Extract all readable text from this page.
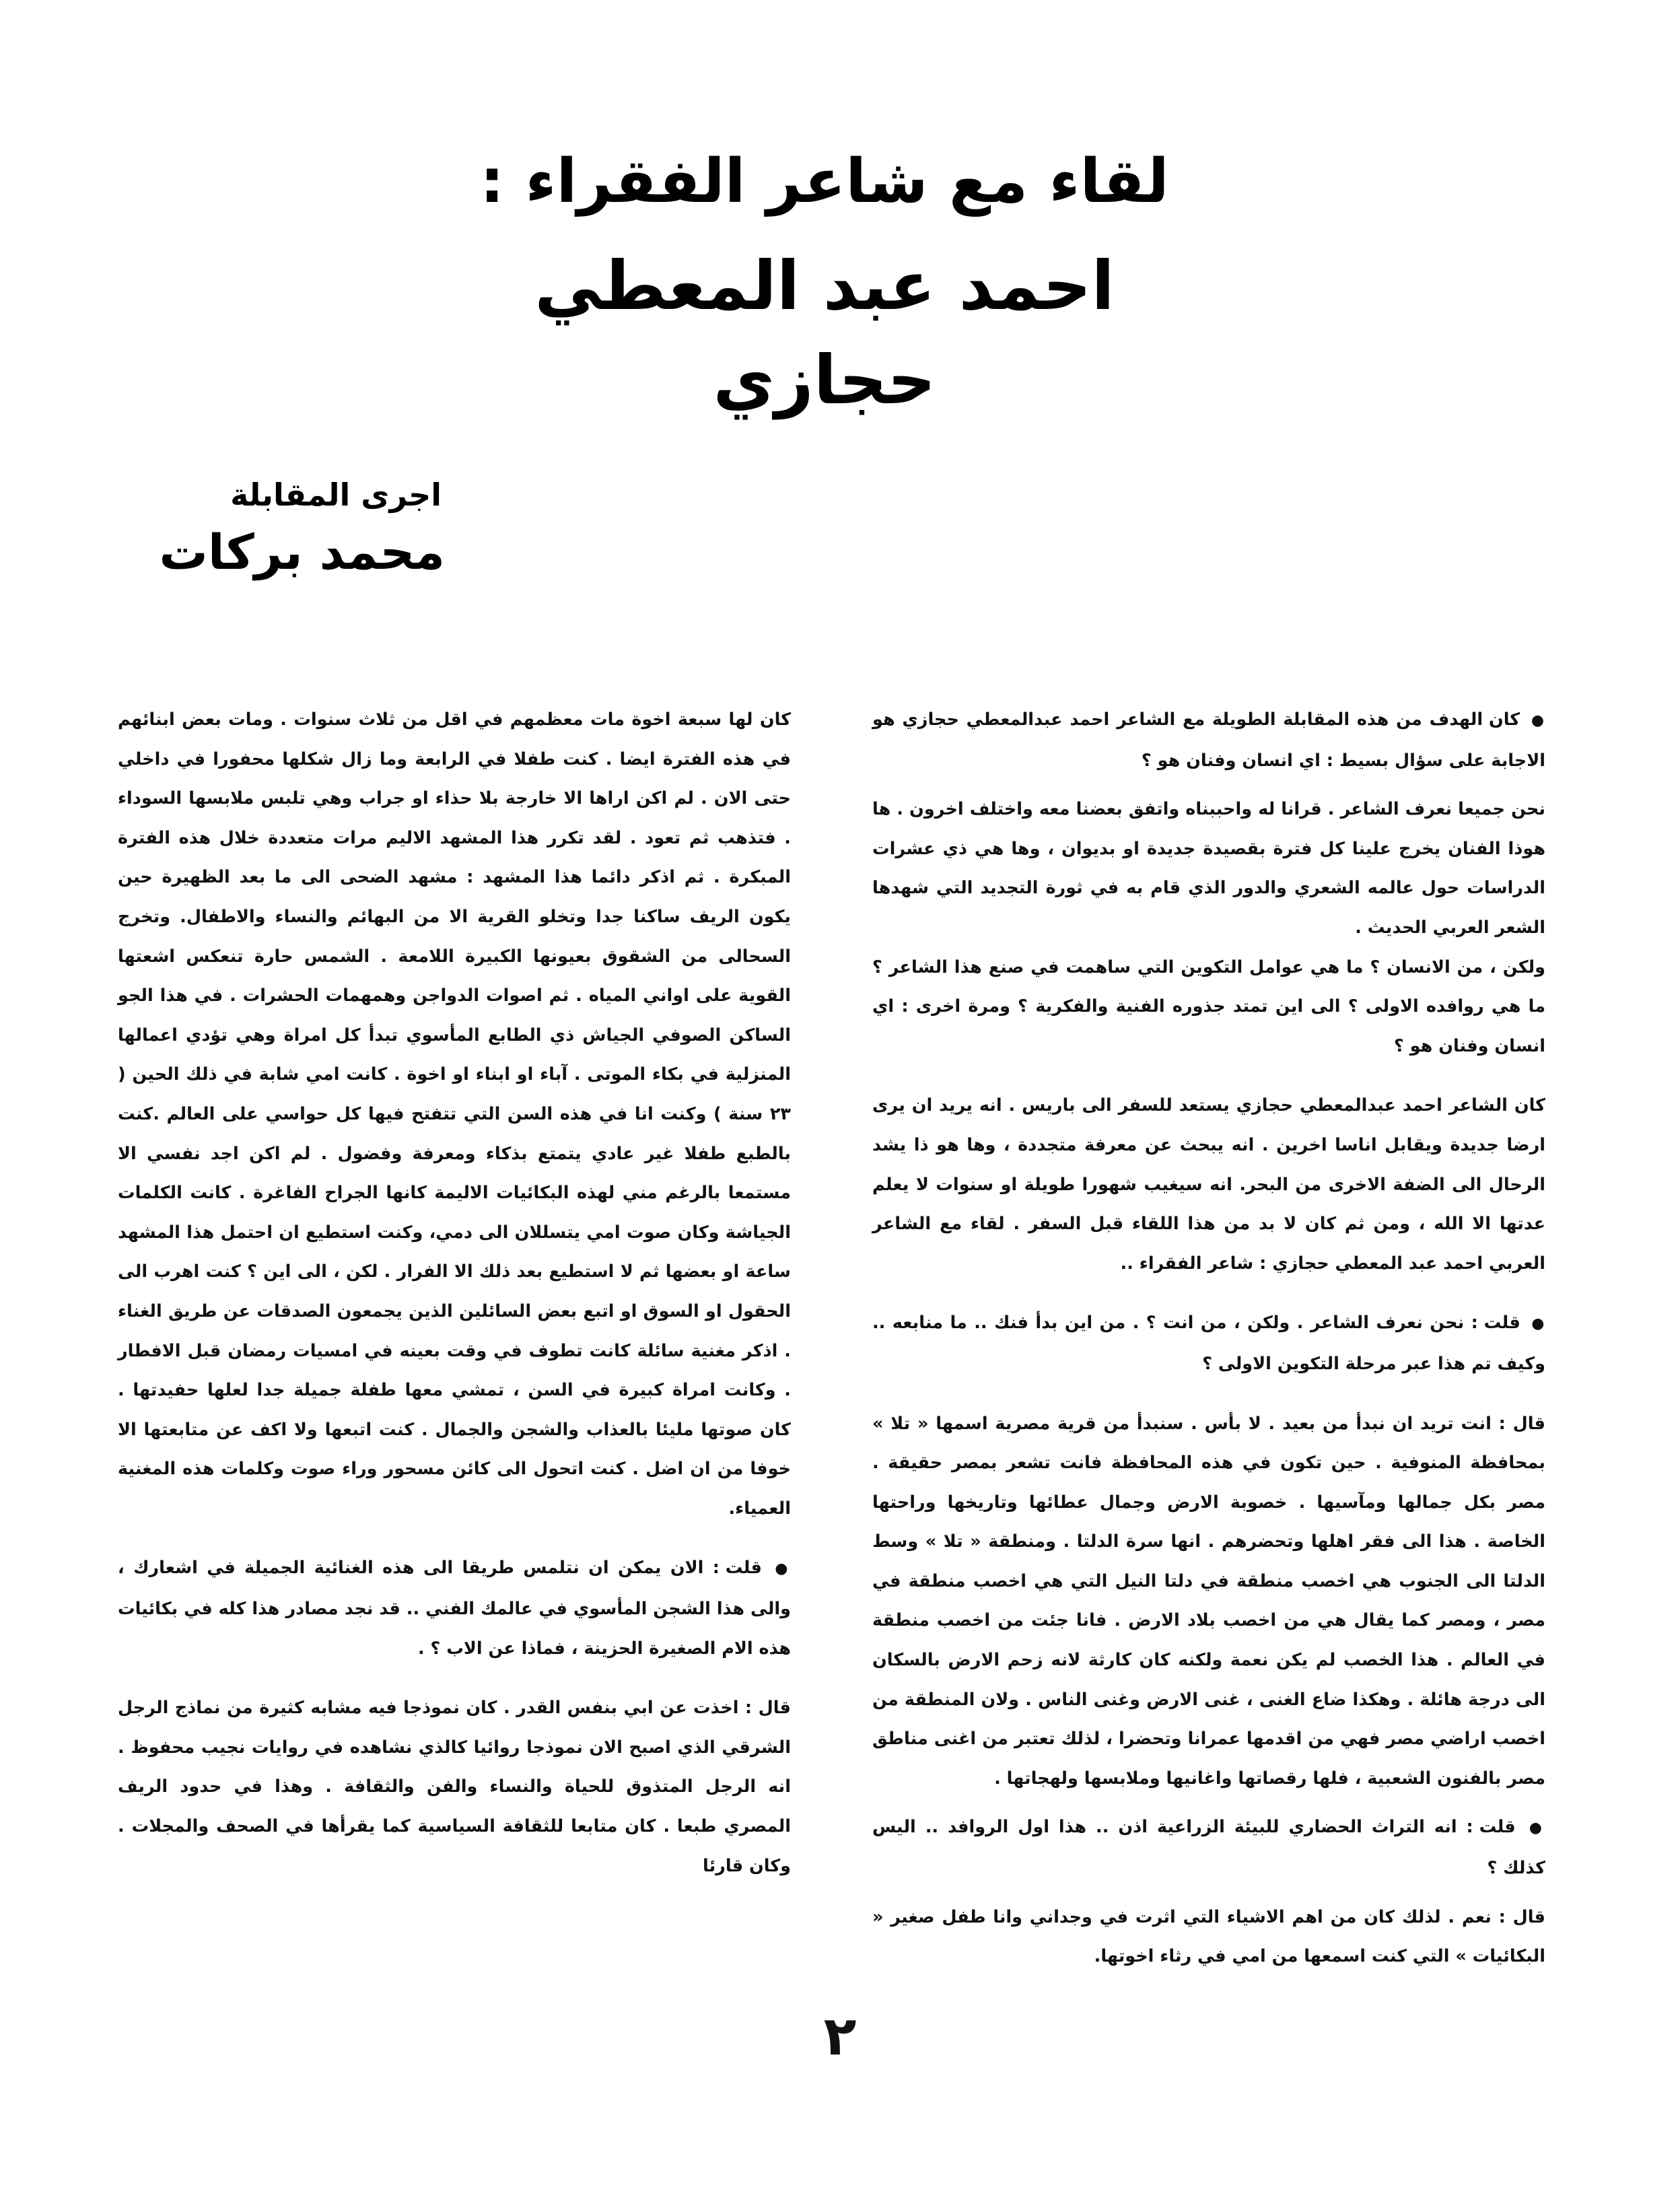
لقاء مع شاعر الفقراء :
احمد عبد المعطي حجازي
اجرى المقابلة
محمد بركات

● كان الهدف من هذه المقابلة الطويلة مع الشاعر احمد عبدالمعطي حجازي هو الاجابة على سؤال بسيط : اي انسان وفنان هو ؟

نحن جميعا نعرف الشاعر . قرانا له واحببناه واتفق بعضنا معه واختلف اخرون . ها هوذا الفنان يخرج علينا كل فترة بقصيدة جديدة او بديوان ، وها هي ذي عشرات الدراسات حول عالمه الشعري والدور الذي قام به في ثورة التجديد التي شهدها الشعر العربي الحديث .

ولكن ، من الانسان ؟ ما هي عوامل التكوين التي ساهمت في صنع هذا الشاعر ؟ ما هي روافده الاولى ؟ الى اين تمتد جذوره الفنية والفكرية ؟ ومرة اخرى : اي انسان وفنان هو ؟

كان الشاعر احمد عبدالمعطي حجازي يستعد للسفر الى باريس . انه يريد ان يرى ارضا جديدة ويقابل اناسا اخرين . انه يبحث عن معرفة متجددة ، وها هو ذا يشد الرحال الى الضفة الاخرى من البحر. انه سيغيب شهورا طويلة او سنوات لا يعلم عدتها الا الله ، ومن ثم كان لا بد من هذا اللقاء قبل السفر . لقاء مع الشاعر العربي احمد عبد المعطي حجازي : شاعر الفقراء ..

● قلت : نحن نعرف الشاعر . ولكن ، من انت ؟ . من اين بدأ فنك .. ما منابعه .. وكيف تم هذا عبر مرحلة التكوين الاولى ؟

قال : انت تريد ان نبدأ من بعيد . لا بأس . سنبدأ من قرية مصرية اسمها « تلا » بمحافظة المنوفية . حين تكون في هذه المحافظة فانت تشعر بمصر حقيقة . مصر بكل جمالها ومآسيها . خصوبة الارض وجمال عطائها وتاريخها وراحتها الخاصة . هذا الى فقر اهلها وتحضرهم . انها سرة الدلتا . ومنطقة « تلا » وسط الدلتا الى الجنوب هي اخصب منطقة في دلتا النيل التي هي اخصب منطقة في مصر ، ومصر كما يقال هي من اخصب بلاد الارض . فانا جئت من اخصب منطقة في العالم . هذا الخصب لم يكن نعمة ولكنه كان كارثة لانه زحم الارض بالسكان الى درجة هائلة . وهكذا ضاع الغنى ، غنى الارض وغنى الناس . ولان المنطقة من اخصب اراضي مصر فهي من اقدمها عمرانا وتحضرا ، لذلك تعتبر من اغنى مناطق مصر بالفنون الشعبية ، فلها رقصاتها واغانيها وملابسها ولهجاتها .

● قلت : انه التراث الحضاري للبيئة الزراعية اذن .. هذا اول الروافد .. اليس كذلك ؟

قال : نعم . لذلك كان من اهم الاشياء التي اثرت في وجداني وانا طفل صغير « البكائيات » التي كنت اسمعها من امي في رثاء اخوتها.

كان لها سبعة اخوة مات معظمهم في اقل من ثلاث سنوات . ومات بعض ابنائهم في هذه الفترة ايضا . كنت طفلا في الرابعة وما زال شكلها محفورا في داخلي حتى الان . لم اكن اراها الا خارجة بلا حذاء او جراب وهي تلبس ملابسها السوداء . فتذهب ثم تعود . لقد تكرر هذا المشهد الاليم مرات متعددة خلال هذه الفترة المبكرة . ثم اذكر دائما هذا المشهد : مشهد الضحى الى ما بعد الظهيرة حين يكون الريف ساكنا جدا وتخلو القرية الا من البهائم والنساء والاطفال. وتخرج السحالى من الشقوق بعيونها الكبيرة اللامعة . الشمس حارة تنعكس اشعتها القوية على اواني المياه . ثم اصوات الدواجن وهمهمات الحشرات . في هذا الجو الساكن الصوفي الجياش ذي الطابع المأسوي تبدأ كل امراة وهي تؤدي اعمالها المنزلية في بكاء الموتى . آباء او ابناء او اخوة . كانت امي شابة في ذلك الحين ( ٢٣ سنة ) وكنت انا في هذه السن التي تتفتح فيها كل حواسي على العالم .كنت بالطبع طفلا غير عادي يتمتع بذكاء ومعرفة وفضول . لم اكن اجد نفسي الا مستمعا بالرغم مني لهذه البكائيات الاليمة كانها الجراح الفاغرة . كانت الكلمات الجياشة وكان صوت امي يتسللان الى دمي، وكنت استطيع ان احتمل هذا المشهد ساعة او بعضها ثم لا استطيع بعد ذلك الا الفرار . لكن ، الى اين ؟ كنت اهرب الى الحقول او السوق او اتبع بعض السائلين الذين يجمعون الصدقات عن طريق الغناء . اذكر مغنية سائلة كانت تطوف في وقت بعينه في امسيات رمضان قبل الافطار . وكانت امراة كبيرة في السن ، تمشي معها طفلة جميلة جدا لعلها حفيدتها . كان صوتها مليئا بالعذاب والشجن والجمال . كنت اتبعها ولا اكف عن متابعتها الا خوفا من ان اضل . كنت اتحول الى كائن مسحور وراء صوت وكلمات هذه المغنية العمياء.

● قلت : الان يمكن ان نتلمس طريقا الى هذه الغنائية الجميلة في اشعارك ، والى هذا الشجن المأسوي في عالمك الفني .. قد نجد مصادر هذا كله في بكائيات هذه الام الصغيرة الحزينة ، فماذا عن الاب ؟ .

قال : اخذت عن ابي بنفس القدر . كان نموذجا فيه مشابه كثيرة من نماذج الرجل الشرقي الذي اصبح الان نموذجا روائيا كالذي نشاهده في روايات نجيب محفوظ . انه الرجل المتذوق للحياة والنساء والفن والثقافة . وهذا في حدود الريف المصري طبعا . كان متابعا للثقافة السياسية كما يقرأها في الصحف والمجلات . وكان قارئا

٢
